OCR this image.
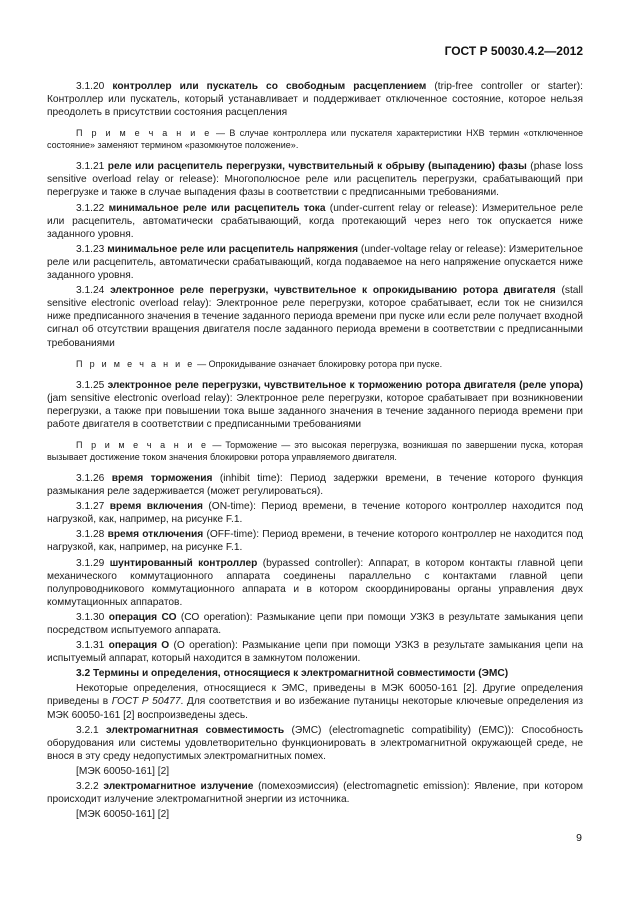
ГОСТ Р 50030.4.2—2012

3.1.20 контроллер или пускатель со свободным расцеплением (trip-free controller or starter): Контроллер или пускатель, который устанавливает и поддерживает отключенное состояние, которое нельзя преодолеть в присутствии состояния расцепления

П р и м е ч а н и е — В случае контроллера или пускателя характеристики НХВ термин «отключенное состояние» заменяют термином «разомкнутое положение».

3.1.21 реле или расцепитель перегрузки, чувствительный к обрыву (выпадению) фазы (phase loss sensitive overload relay or release): Многополюсное реле или расцепитель перегрузки, срабатывающий при перегрузке и также в случае выпадения фазы в соответствии с предписанными требованиями.

3.1.22 минимальное реле или расцепитель тока (under-current relay or release): Измерительное реле или расцепитель, автоматически срабатывающий, когда протекающий через него ток опускается ниже заданного уровня.

3.1.23 минимальное реле или расцепитель напряжения (under-voltage relay or release): Измерительное реле или расцепитель, автоматически срабатывающий, когда подаваемое на него напряжение опускается ниже заданного уровня.

3.1.24 электронное реле перегрузки, чувствительное к опрокидыванию ротора двигателя (stall sensitive electronic overload relay): Электронное реле перегрузки, которое срабатывает, если ток не снизился ниже предписанного значения в течение заданного периода времени при пуске или если реле получает входной сигнал об отсутствии вращения двигателя после заданного периода времени в соответствии с предписанными требованиями

П р и м е ч а н и е — Опрокидывание означает блокировку ротора при пуске.

3.1.25 электронное реле перегрузки, чувствительное к торможению ротора двигателя (реле упора) (jam sensitive electronic overload relay): Электронное реле перегрузки, которое срабатывает при возникновении перегрузки, а также при повышении тока выше заданного значения в течение заданного периода времени при работе двигателя в соответствии с предписанными требованиями

П р и м е ч а н и е — Торможение — это высокая перегрузка, возникшая по завершении пуска, которая вызывает достижение током значения блокировки ротора управляемого двигателя.

3.1.26 время торможения (inhibit time): Период задержки времени, в течение которого функция размыкания реле задерживается (может регулироваться).

3.1.27 время включения (ON-time): Период времени, в течение которого контроллер находится под нагрузкой, как, например, на рисунке F.1.

3.1.28 время отключения (OFF-time): Период времени, в течение которого контроллер не находится под нагрузкой, как, например, на рисунке F.1.

3.1.29 шунтированный контроллер (bypassed controller): Аппарат, в котором контакты главной цепи механического коммутационного аппарата соединены параллельно с контактами главной цепи полупроводникового коммутационного аппарата и в котором скоординированы органы управления двух коммутационных аппаратов.

3.1.30 операция СО (СО operation): Размыкание цепи при помощи УЗКЗ в результате замыкания цепи посредством испытуемого аппарата.

3.1.31 операция О (О operation): Размыкание цепи при помощи УЗКЗ в результате замыкания цепи на испытуемый аппарат, который находится в замкнутом положении.

3.2 Термины и определения, относящиеся к электромагнитной совместимости (ЭМС)

Некоторые определения, относящиеся к ЭМС, приведены в МЭК 60050-161 [2]. Другие определения приведены в ГОСТ Р 50477. Для соответствия и во избежание путаницы некоторые ключевые определения из МЭК 60050-161 [2] воспроизведены здесь.

3.2.1 электромагнитная совместимость (ЭМС) (electromagnetic compatibility) (EMC)): Способность оборудования или системы удовлетворительно функционировать в электромагнитной окружающей среде, не внося в эту среду недопустимых электромагнитных помех.

[МЭК 60050-161] [2]

3.2.2 электромагнитное излучение (помехоэмиссия) (electromagnetic emission): Явление, при котором происходит излучение электромагнитной энергии из источника.

[МЭК 60050-161] [2]

9
